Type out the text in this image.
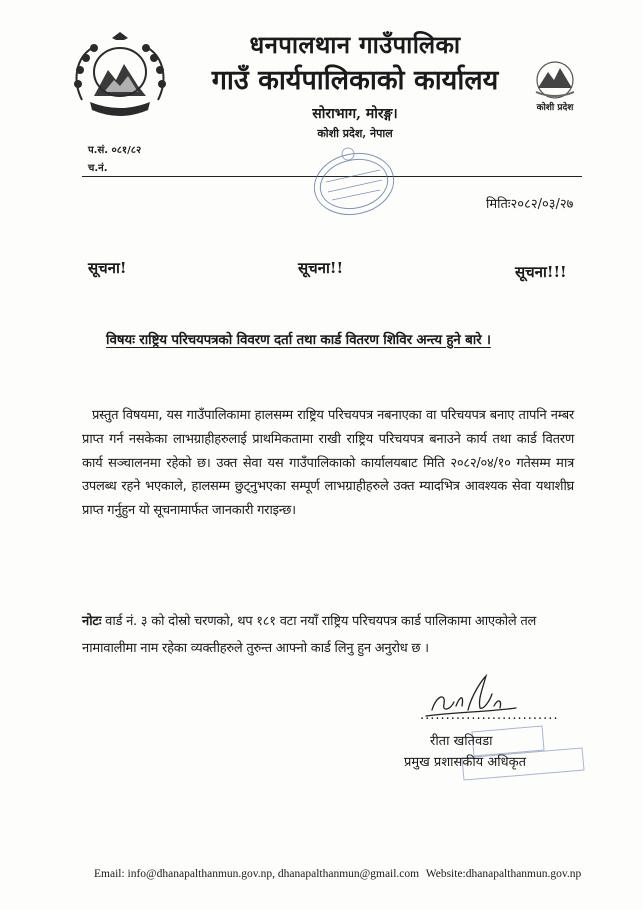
धनपालथान गाउँपालिका
गाउँ कार्यपालिकाको कार्यालय
सोराभाग, मोरङ्ग।
कोशी प्रदेश, नेपाल
कोशी प्रदेश
प.सं. ०८१/८२
च.नं.
मितिः२०८२/०३/२७
सूचना!	सूचना!!	सूचना!!!
विषयः राष्ट्रिय परिचयपत्रको विवरण दर्ता तथा कार्ड वितरण शिविर अन्त्य हुने बारे ।
प्रस्तुत विषयमा, यस गाउँपालिकामा हालसम्म राष्ट्रिय परिचयपत्र नबनाएका वा परिचयपत्र बनाए तापनि नम्बर प्राप्त गर्न नसकेका लाभग्राहीहरुलाई प्राथमिकतामा राखी राष्ट्रिय परिचयपत्र बनाउने कार्य तथा कार्ड वितरण कार्य सञ्चालनमा रहेको छ। उक्त सेवा यस गाउँपालिकाको कार्यालयबाट मिति २०८२/०४/१० गतेसम्म मात्र उपलब्ध रहने भएकाले, हालसम्म छुट्नुभएका सम्पूर्ण लाभग्राहीहरुले उक्त म्यादभित्र आवश्यक सेवा यथाशीघ्र प्राप्त गर्नुहुन यो सूचनामार्फत जानकारी गराइन्छ।
नोटः वार्ड नं. ३ को दोस्रो चरणको, थप १८१ वटा नयाँ राष्ट्रिय परिचयपत्र कार्ड पालिकामा आएकोले तल नामावालीमा नाम रहेका व्यक्तीहरुले तुरुन्त आफ्नो कार्ड लिनु हुन अनुरोध छ ।
...........................
रीता खतिवडा
प्रमुख प्रशासकीय अधिकृत
Email: info@dhanapalthanmun.gov.np, dhanapalthanmun@gmail.com Website:dhanapalthanmun.gov.np
